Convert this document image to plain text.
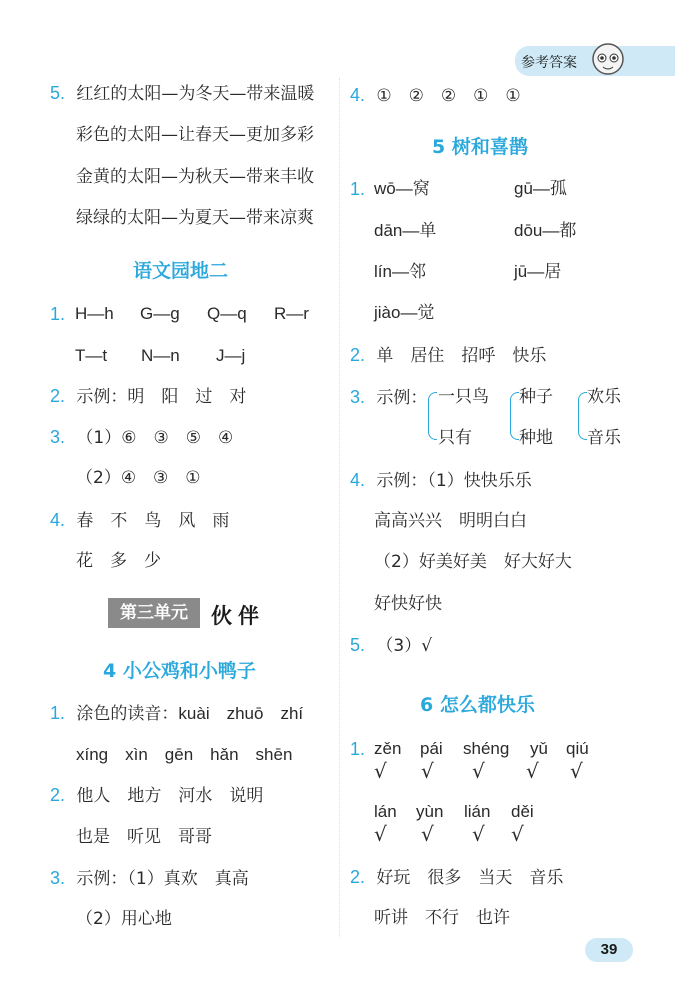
参考答案
5. 红红的太阳—为冬天—带来温暖
彩色的太阳—让春天—更加多彩
金黄的太阳—为秋天—带来丰收
绿绿的太阳—为夏天—带来凉爽
语文园地二
1. H—h G—g Q—q R—r
T—t N—n J—j
2. 示例：明　阳　过　对
3. （1）⑥　③　⑤　④
（2）④　③　①
4. 春　不　鸟　风　雨
花　多　少
第三单元	伙伴
4 小公鸡和小鸭子
1. 涂色的读音：kuài　zhuō　zhí
xíng　xìn　gēn　hǎn　shēn
2. 他人　地方　河水　说明
也是　听见　哥哥
3. 示例：（1）真欢　真高
（2）用心地
4. ①　②　②　①　①
5 树和喜鹊
1. wō—窝	gū—孤
dān—单	dōu—都
lín—邻	jū—居
jiào—觉
2. 单　居住　招呼　快乐
3. 示例： 一只鸟
只有
种子
种地
欢乐
音乐
4. 示例：（1）快快乐乐
高高兴兴　明明白白
（2）好美好美　好大好大
好快好快
5. （3）√
6 怎么都快乐
1. zěn pái shéng yǔ qiú
√ √ √ √ √
lán yùn lián děi
√ √ √ √
2. 好玩　很多　当天　音乐
听讲　不行　也许
39
